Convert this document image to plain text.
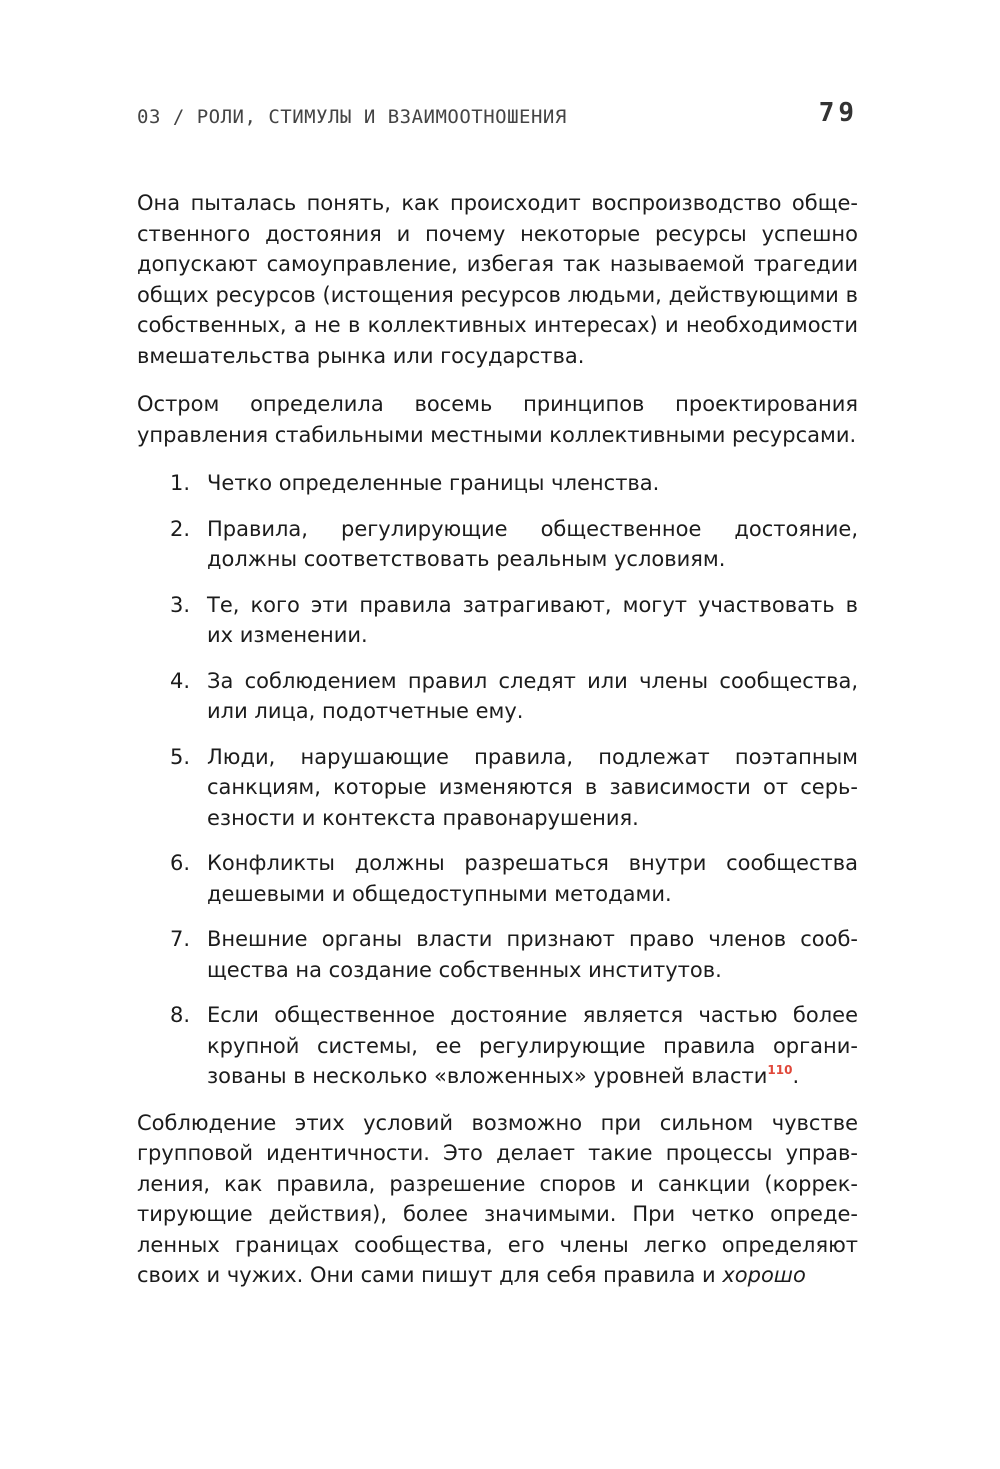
03 / РОЛИ, СТИМУЛЫ И ВЗАИМООТНОШЕНИЯ	79

Она пыталась понять, как происходит воспроизводство общественного достояния и почему некоторые ресурсы успешно допускают самоуправление, избегая так называемой трагедии общих ресурсов (истощения ресурсов людьми, действующими в собственных, а не в коллективных интересах) и необходимости вмешательства рынка или государства.

Остром определила восемь принципов проектирования управления стабильными местными коллективными ресурсами.

1. Четко определенные границы членства.
2. Правила, регулирующие общественное достояние, должны соответствовать реальным условиям.
3. Те, кого эти правила затрагивают, могут участвовать в их изменении.
4. За соблюдением правил следят или члены сообщества, или лица, подотчетные ему.
5. Люди, нарушающие правила, подлежат поэтапным санкциям, которые изменяются в зависимости от серьезности и контекста правонарушения.
6. Конфликты должны разрешаться внутри сообщества дешевыми и общедоступными методами.
7. Внешние органы власти признают право членов сообщества на создание собственных институтов.
8. Если общественное достояние является частью более крупной системы, ее регулирующие правила организованы в несколько «вложенных» уровней власти$^{110}$.

Соблюдение этих условий возможно при сильном чувстве групповой идентичности. Это делает такие процессы управления, как правила, разрешение споров и санкции (корректирующие действия), более значимыми. При четко определенных границах сообщества, его члены легко определяют своих и чужих. Они сами пишут для себя правила и хорошо
